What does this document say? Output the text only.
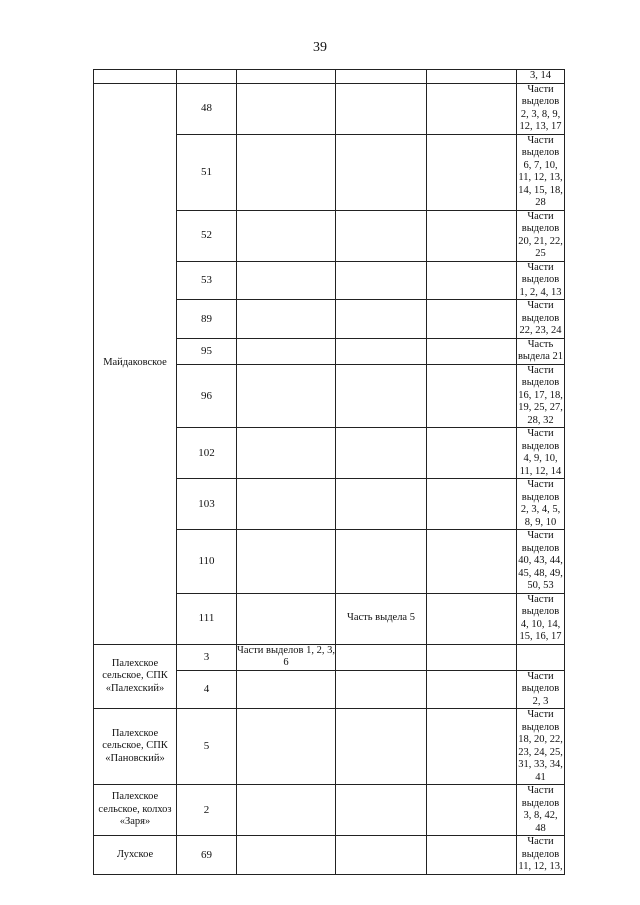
39
					3, 14
Майдаковское	48				Части выделов 2, 3, 8, 9, 12, 13, 17
	51				Части выделов 6, 7, 10, 11, 12, 13, 14, 15, 18, 28
	52				Части выделов 20, 21, 22, 25
	53				Части выделов 1, 2, 4, 13
	89				Части выделов 22, 23, 24
	95				Часть выдела 21
	96				Части выделов 16, 17, 18, 19, 25, 27, 28, 32
	102				Части выделов 4, 9, 10, 11, 12, 14
	103				Части выделов 2, 3, 4, 5, 8, 9, 10
	110				Части выделов 40, 43, 44, 45, 48, 49, 50, 53
	111		Часть выдела 5		Части выделов 4, 10, 14, 15, 16, 17
Палехское сельское, СПК «Палехский»	3	Части выделов 1, 2, 3, 6			
	4				Части выделов 2, 3
Палехское сельское, СПК «Пановский»	5				Части выделов 18, 20, 22, 23, 24, 25, 31, 33, 34, 41
Палехское сельское, колхоз «Заря»	2				Части выделов 3, 8, 42, 48
Лухское	69				Части выделов 11, 12, 13,
